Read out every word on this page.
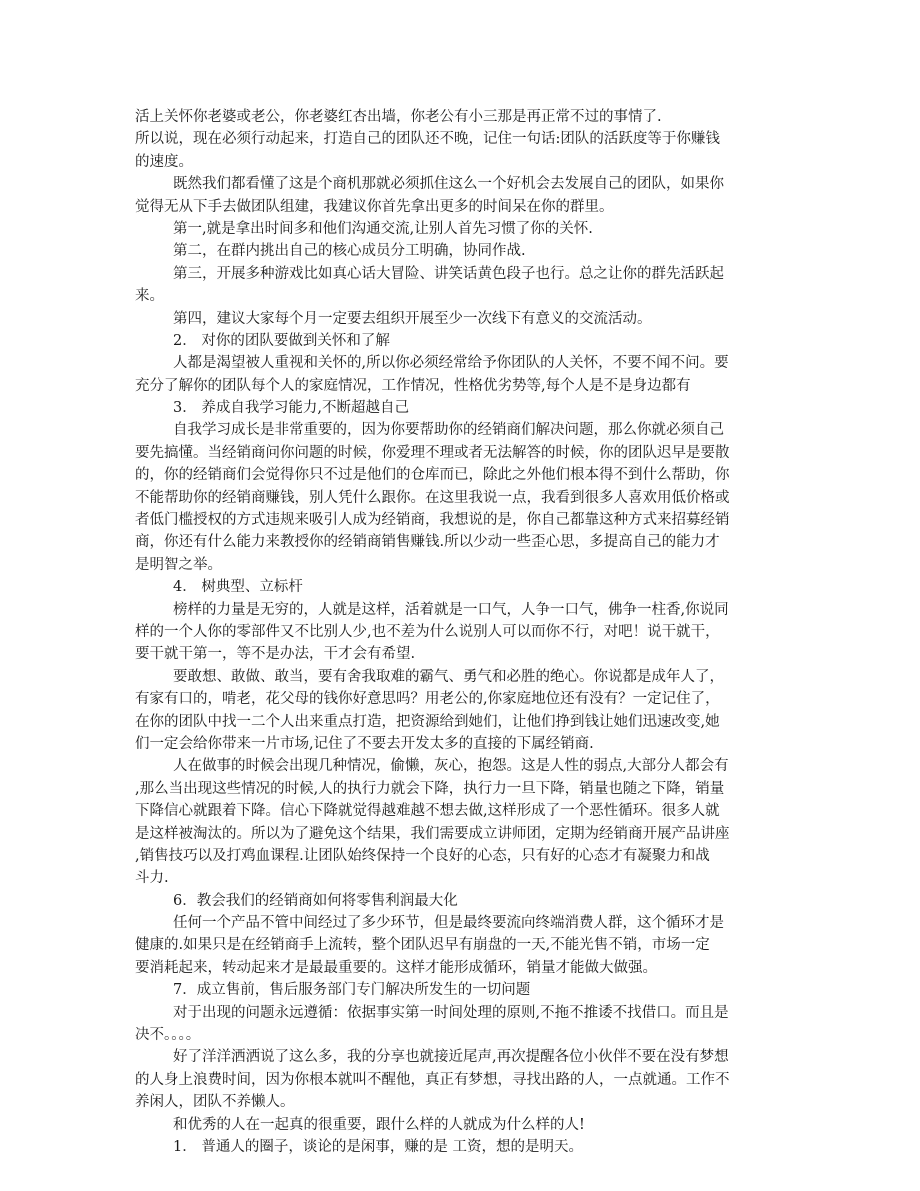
活上关怀你老婆或老公，你老婆红杏出墙，你老公有小三那是再正常不过的事情了.
所以说，现在必须行动起来，打造自己的团队还不晚，记住一句话:团队的活跃度等于你赚钱
的速度。
既然我们都看懂了这是个商机那就必须抓住这么一个好机会去发展自己的团队，如果你
觉得无从下手去做团队组建，我建议你首先拿出更多的时间呆在你的群里。
第一,就是拿出时间多和他们沟通交流,让别人首先习惯了你的关怀.
第二，在群内挑出自己的核心成员分工明确，协同作战.
第三，开展多种游戏比如真心话大冒险、讲笑话黄色段子也行。总之让你的群先活跃起
来。
第四，建议大家每个月一定要去组织开展至少一次线下有意义的交流活动。
2． 对你的团队要做到关怀和了解
人都是渴望被人重视和关怀的,所以你必须经常给予你团队的人关怀，不要不闻不问。要
充分了解你的团队每个人的家庭情况，工作情况，性格优劣势等,每个人是不是身边都有
3． 养成自我学习能力,不断超越自己
自我学习成长是非常重要的，因为你要帮助你的经销商们解决问题，那么你就必须自己
要先搞懂。当经销商问你问题的时候，你爱理不理或者无法解答的时候，你的团队迟早是要散
的，你的经销商们会觉得你只不过是他们的仓库而已，除此之外他们根本得不到什么帮助，你
不能帮助你的经销商赚钱，别人凭什么跟你。在这里我说一点，我看到很多人喜欢用低价格或
者低门槛授权的方式违规来吸引人成为经销商，我想说的是，你自己都靠这种方式来招募经销
商，你还有什么能力来教授你的经销商销售赚钱.所以少动一些歪心思，多提高自己的能力才
是明智之举。
4． 树典型、立标杆
榜样的力量是无穷的，人就是这样，活着就是一口气，人争一口气，佛争一柱香,你说同
样的一个人你的零部件又不比别人少,也不差为什么说别人可以而你不行，对吧！说干就干，
要干就干第一，等不是办法，干才会有希望.
要敢想、敢做、敢当，要有舍我取难的霸气、勇气和必胜的绝心。你说都是成年人了，
有家有口的，啃老，花父母的钱你好意思吗？用老公的,你家庭地位还有没有？一定记住了，
在你的团队中找一二个人出来重点打造，把资源给到她们，让他们挣到钱让她们迅速改变,她
们一定会给你带来一片市场,记住了不要去开发太多的直接的下属经销商.
人在做事的时候会出现几种情况，偷懒，灰心，抱怨。这是人性的弱点,大部分人都会有
,那么当出现这些情况的时候,人的执行力就会下降，执行力一旦下降，销量也随之下降，销量
下降信心就跟着下降。信心下降就觉得越难越不想去做,这样形成了一个恶性循环。很多人就
是这样被淘汰的。所以为了避免这个结果，我们需要成立讲师团，定期为经销商开展产品讲座
,销售技巧以及打鸡血课程.让团队始终保持一个良好的心态，只有好的心态才有凝聚力和战
斗力.
6．教会我们的经销商如何将零售利润最大化
任何一个产品不管中间经过了多少环节，但是最终要流向终端消费人群，这个循环才是
健康的.如果只是在经销商手上流转，整个团队迟早有崩盘的一天,不能光售不销，市场一定
要消耗起来，转动起来才是最最重要的。这样才能形成循环，销量才能做大做强。
7．成立售前，售后服务部门专门解决所发生的一切问题
对于出现的问题永远遵循：依据事实第一时间处理的原则,不拖不推诿不找借口。而且是
决不。。。。
好了洋洋洒洒说了这么多，我的分享也就接近尾声,再次提醒各位小伙伴不要在没有梦想
的人身上浪费时间，因为你根本就叫不醒他，真正有梦想，寻找出路的人，一点就通。工作不
养闲人，团队不养懒人。
和优秀的人在一起真的很重要，跟什么样的人就成为什么样的人!
1． 普通人的圈子，谈论的是闲事，赚的是 工资，想的是明天。
